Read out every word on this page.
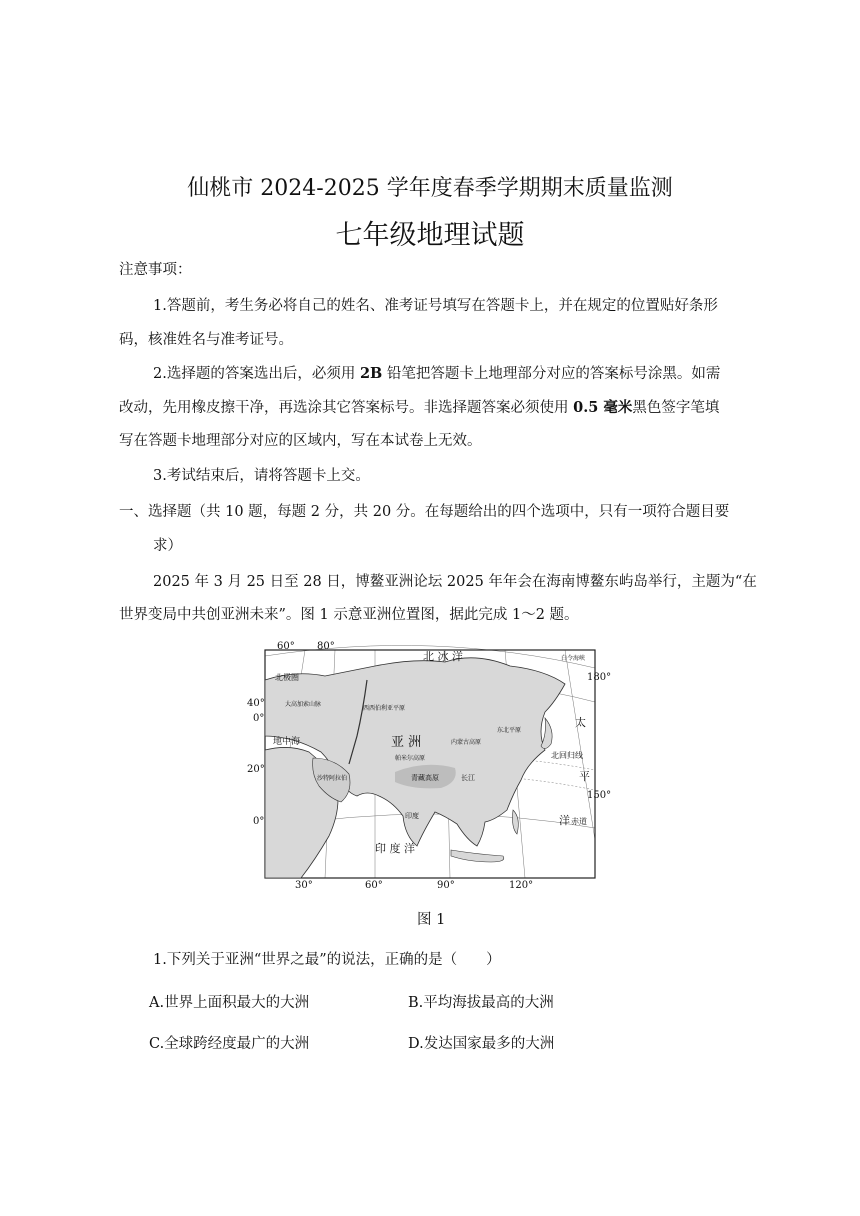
仙桃市 2024-2025 学年度春季学期期末质量监测
七年级地理试题
注意事项：
1.答题前，考生务必将自己的姓名、准考证号填写在答题卡上，并在规定的位置贴好条形
码，核准姓名与准考证号。
2.选择题的答案选出后，必须用 2B 铅笔把答题卡上地理部分对应的答案标号涂黑。如需
改动，先用橡皮擦干净，再选涂其它答案标号。非选择题答案必须使用 0.5 毫米黑色签字笔填
写在答题卡地理部分对应的区域内，写在本试卷上无效。
3.考试结束后，请将答题卡上交。
一、选择题（共 10 题，每题 2 分，共 20 分。在每题给出的四个选项中，只有一项符合题目要
求）
2025 年 3 月 25 日至 28 日，博鳌亚洲论坛 2025 年年会在海南博鳌东屿岛举行，主题为“在
世界变局中共创亚洲未来”。图 1 示意亚洲位置图，据此完成 1～2 题。
60° 80°
30°	60°	90°	120°
40°
0°
20°
0°
180°
150°
北 冰 洋
亚 洲
印 度 洋
太
平
洋
地中海
北回归线
赤道
北极圈
青藏高原	长江
印度
沙特阿拉伯
内蒙古高原
帕米尔高原
西西伯利亚平原
东北平原
白令海峡
大高加索山脉
图 1
1.下列关于亚洲“世界之最”的说法，正确的是（　　）
A.世界上面积最大的大洲	B.平均海拔最高的大洲
C.全球跨经度最广的大洲	D.发达国家最多的大洲
